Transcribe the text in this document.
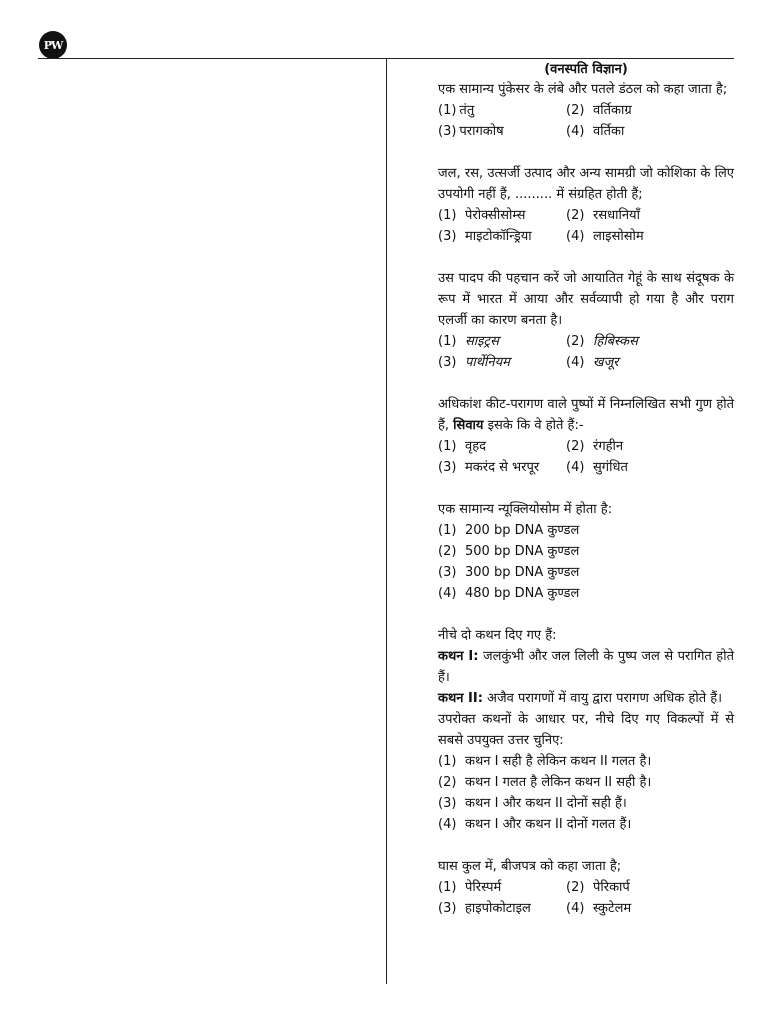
PW
(वनस्पति विज्ञान)
एक सामान्य पुंकेसर के लंबे और पतले डंठल को कहा जाता है;
(1) तंतु	(2) वर्तिकाग्र
(3) परागकोष	(4) वर्तिका
जल, रस, उत्सर्जी उत्पाद और अन्य सामग्री जो कोशिका के लिए उपयोगी नहीं हैं, ......... में संग्रहित होती हैं;
(1) पेरोक्सीसोम्स	(2) रसधानियाँ
(3) माइटोकॉन्ड्रिया	(4) लाइसोसोम
उस पादप की पहचान करें जो आयातित गेहूं के साथ संदूषक के रूप में भारत में आया और सर्वव्यापी हो गया है और पराग एलर्जी का कारण बनता है।
(1) साइट्रस	(2) हिबिस्कस
(3) पार्थेनियम	(4) खजूर
अधिकांश कीट-परागण वाले पुष्पों में निम्नलिखित सभी गुण होते हैं, सिवाय इसके कि वे होते हैं:-
(1) वृहद	(2) रंगहीन
(3) मकरंद से भरपूर	(4) सुगंधित
एक सामान्य न्यूक्लियोसोम में होता है:
(1) 200 bp DNA कुण्डल
(2) 500 bp DNA कुण्डल
(3) 300 bp DNA कुण्डल
(4) 480 bp DNA कुण्डल
नीचे दो कथन दिए गए हैं:
कथन I: जलकुंभी और जल लिली के पुष्प जल से परागित होते हैं।
कथन II: अजैव परागणों में वायु द्वारा परागण अधिक होते हैं।
उपरोक्त कथनों के आधार पर, नीचे दिए गए विकल्पों में से सबसे उपयुक्त उत्तर चुनिए:
(1) कथन I सही है लेकिन कथन II गलत है।
(2) कथन I गलत है लेकिन कथन II सही है।
(3) कथन I और कथन II दोनों सही हैं।
(4) कथन I और कथन II दोनों गलत हैं।
घास कुल में, बीजपत्र को कहा जाता है;
(1) पेरिस्पर्म	(2) पेरिकार्प
(3) हाइपोकोटाइल	(4) स्कुटेलम
